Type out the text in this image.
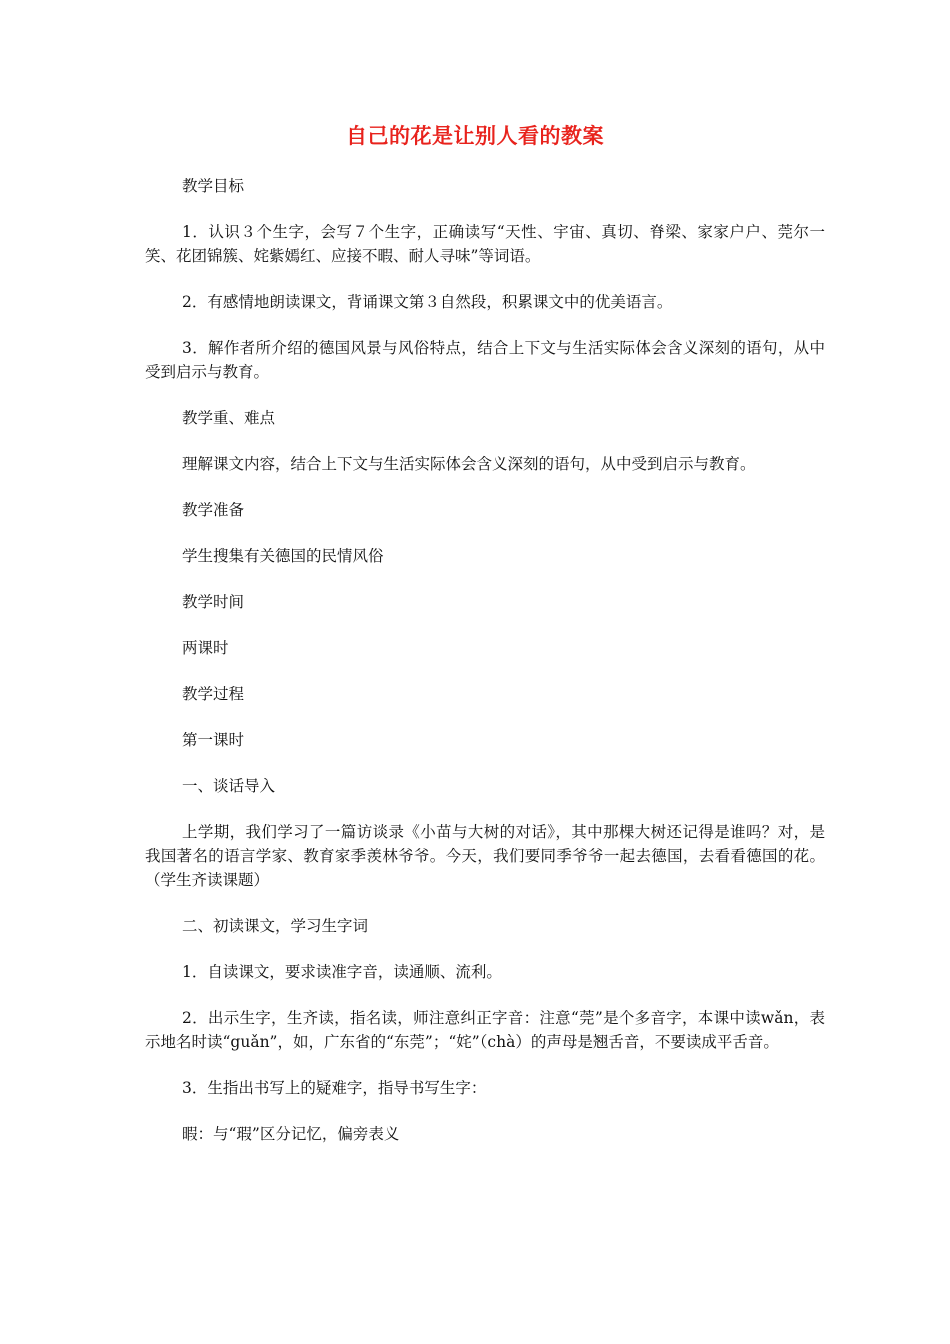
自己的花是让别人看的教案

教学目标

1．认识３个生字，会写７个生字，正确读写“天性、宇宙、真切、脊梁、家家户户、莞尔一笑、花团锦簇、姹紫嫣红、应接不暇、耐人寻味”等词语。

2．有感情地朗读课文，背诵课文第３自然段，积累课文中的优美语言。

3．解作者所介绍的德国风景与风俗特点，结合上下文与生活实际体会含义深刻的语句，从中受到启示与教育。

教学重、难点

理解课文内容，结合上下文与生活实际体会含义深刻的语句，从中受到启示与教育。

教学准备

学生搜集有关德国的民情风俗

教学时间

两课时

教学过程

第一课时

一、谈话导入

上学期，我们学习了一篇访谈录《小苗与大树的对话》，其中那棵大树还记得是谁吗？对，是我国著名的语言学家、教育家季羡林爷爷。今天，我们要同季爷爷一起去德国，去看看德国的花。（学生齐读课题）

二、初读课文，学习生字词

1．自读课文，要求读准字音，读通顺、流利。

2．出示生字，生齐读，指名读，师注意纠正字音：注意“莞”是个多音字，本课中读wǎn，表示地名时读“guǎn”，如，广东省的“东莞”；“姹”（chà）的声母是翘舌音，不要读成平舌音。

3．生指出书写上的疑难字，指导书写生字：

暇：与“瑕”区分记忆，偏旁表义
